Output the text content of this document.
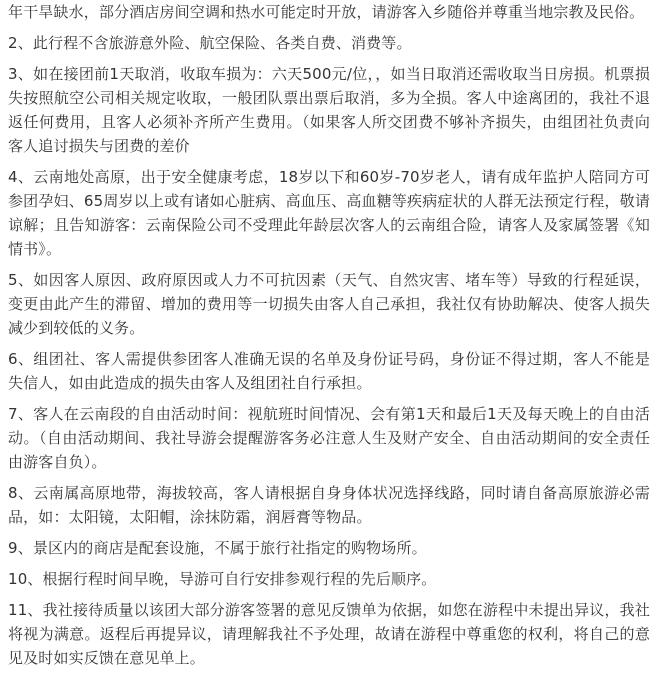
年干旱缺水，部分酒店房间空调和热水可能定时开放，请游客入乡随俗并尊重当地宗教及民俗。

2、此行程不含旅游意外险、航空保险、各类自费、消费等。

3、如在接团前1天取消，收取车损为：六天500元/位，，如当日取消还需收取当日房损。机票损失按照航空公司相关规定收取，一般团队票出票后取消，多为全损。客人中途离团的，我社不退返任何费用，且客人必须补齐所产生费用。（如果客人所交团费不够补齐损失，由组团社负责向客人追讨损失与团费的差价

4、云南地处高原，出于安全健康考虑，18岁以下和60岁-70岁老人，请有成年监护人陪同方可参团孕妇、65周岁以上或有诸如心脏病、高血压、高血糖等疾病症状的人群无法预定行程，敬请谅解；且告知游客：云南保险公司不受理此年龄层次客人的云南组合险，请客人及家属签署《知情书》。

5、如因客人原因、政府原因或人力不可抗因素（天气、自然灾害、堵车等）导致的行程延误，变更由此产生的滞留、增加的费用等一切损失由客人自己承担，我社仅有协助解决、使客人损失减少到较低的义务。

6、组团社、客人需提供参团客人准确无误的名单及身份证号码，身份证不得过期，客人不能是失信人，如由此造成的损失由客人及组团社自行承担。

7、客人在云南段的自由活动时间：视航班时间情况、会有第1天和最后1天及每天晚上的自由活动。（自由活动期间、我社导游会提醒游客务必注意人生及财产安全、自由活动期间的安全责任由游客自负）。

8、云南属高原地带，海拔较高，客人请根据自身身体状况选择线路，同时请自备高原旅游必需品，如：太阳镜，太阳帽，涂抹防霜，润唇膏等物品。

9、景区内的商店是配套设施，不属于旅行社指定的购物场所。

10、根据行程时间早晚，导游可自行安排参观行程的先后顺序。

11、我社接待质量以该团大部分游客签署的意见反馈单为依据，如您在游程中未提出异议，我社将视为满意。返程后再提异议，请理解我社不予处理，故请在游程中尊重您的权利，将自己的意见及时如实反馈在意见单上。
